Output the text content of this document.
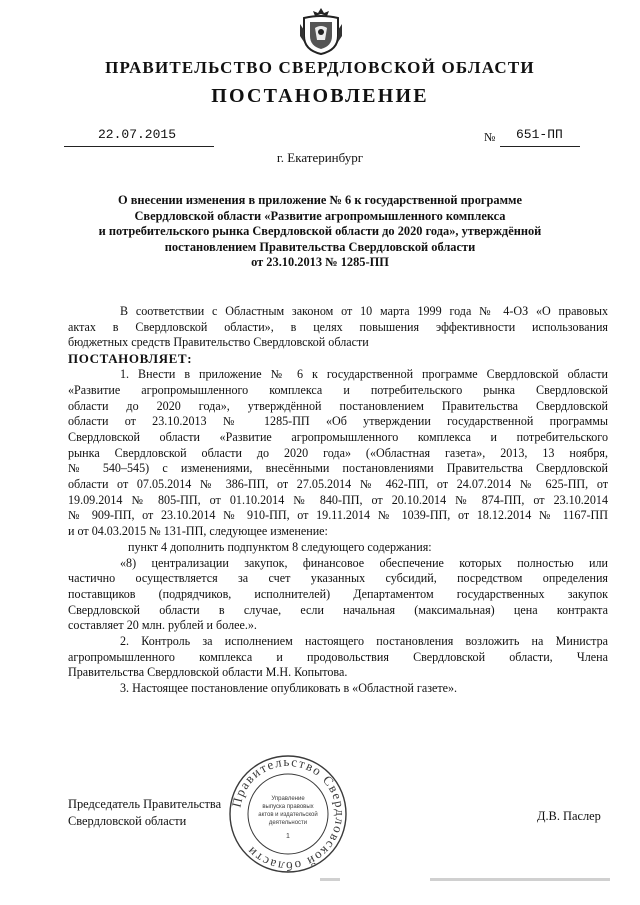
ПРАВИТЕЛЬСТВО СВЕРДЛОВСКОЙ ОБЛАСТИ
ПОСТАНОВЛЕНИЕ
22.07.2015	№ 651-ПП
г. Екатеринбург
О внесении изменения в приложение № 6 к государственной программе
Свердловской области «Развитие агропромышленного комплекса
и потребительского рынка Свердловской области до 2020 года», утверждённой
постановлением Правительства Свердловской области
от 23.10.2013 № 1285-ПП
В соответствии с Областным законом от 10 марта 1999 года № 4-ОЗ «О правовых
актах в Свердловской области», в целях повышения эффективности использования
бюджетных средств Правительство Свердловской области
ПОСТАНОВЛЯЕТ:
1. Внести в приложение № 6 к государственной программе Свердловской области
«Развитие агропромышленного комплекса и потребительского рынка Свердловской
области до 2020 года», утверждённой постановлением Правительства Свердловской
области от 23.10.2013 № 1285-ПП «Об утверждении государственной программы
Свердловской области «Развитие агропромышленного комплекса и потребительского
рынка Свердловской области до 2020 года» («Областная газета», 2013, 13 ноября,
№ 540–545) с изменениями, внесёнными постановлениями Правительства Свердловской
области от 07.05.2014 № 386-ПП, от 27.05.2014 № 462-ПП, от 24.07.2014 № 625-ПП, от
19.09.2014 № 805-ПП, от 01.10.2014 № 840-ПП, от 20.10.2014 № 874-ПП, от 23.10.2014
№ 909-ПП, от 23.10.2014 № 910-ПП, от 19.11.2014 № 1039-ПП, от 18.12.2014 № 1167-ПП
и от 04.03.2015 № 131-ПП, следующее изменение:
пункт 4 дополнить подпунктом 8 следующего содержания:
«8) централизации закупок, финансовое обеспечение которых полностью или
частично осуществляется за счет указанных субсидий, посредством определения
поставщиков (подрядчиков, исполнителей) Департаментом государственных закупок
Свердловской области в случае, если начальная (максимальная) цена контракта
составляет 20 млн. рублей и более.».
2. Контроль за исполнением настоящего постановления возложить на Министра
агропромышленного комплекса и продовольствия Свердловской области, Члена
Правительства Свердловской области М.Н. Копытова.
3. Настоящее постановление опубликовать в «Областной газете».
Председатель Правительства
Свердловской области	Д.В. Паслер
Правительство Свердловской области
Управление
выпуска правовых
актов и издательской
деятельности
1
